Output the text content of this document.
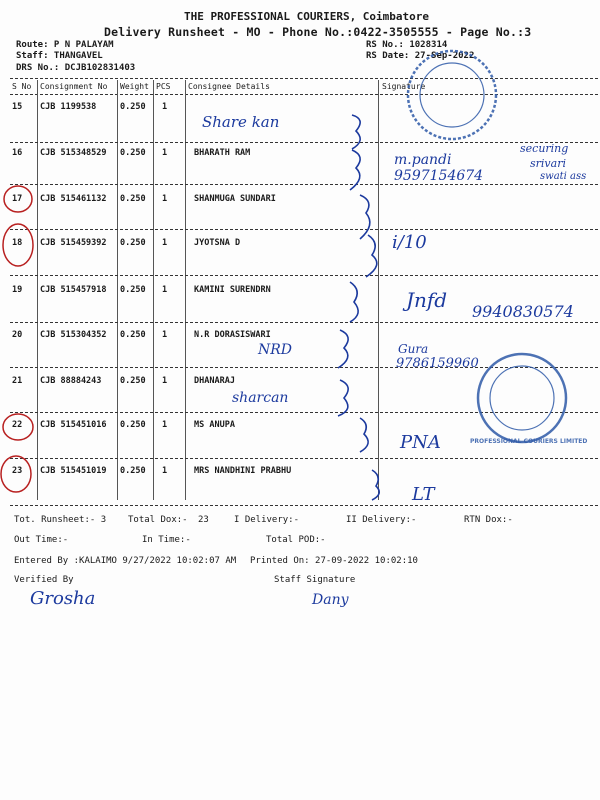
THE PROFESSIONAL COURIERS, Coimbatore
Delivery Runsheet - MO - Phone No.:0422-3505555 - Page No.:3
Route: P N PALAYAM
Staff: THANGAVEL
DRS No.: DCJB102831403
RS No.: 1028314
RS Date: 27-Sep-2022
S No Consignment No Weight PCS Consignee Details	Signature
15 CJB 1199538	0.250 1
16 CJB 515348529 0.250 1	BHARATH RAM
17 CJB 515461132 0.250 1	SHANMUGA SUNDARI
18 CJB 515459392 0.250 1	JYOTSNA D
19 CJB 515457918 0.250 1	KAMINI SURENDRN
20 CJB 515304352 0.250 1	N.R DORASISWARI
21 CJB 88884243 0.250 1	DHANARAJ
22 CJB 515451016 0.250 1	MS ANUPA
23 CJB 515451019 0.250 1	MRS NANDHINI PRABHU
Tot. Runsheet:- 3 Total Dox:- 23	I Delivery:-	II Delivery:-	RTN Dox:-
Out Time:-	In Time:-	Total POD:-
Entered By :KALAIMO 9/27/2022 10:02:07 AM Printed On: 27-09-2022 10:02:10
Verified By	Staff Signature
PROFESSIONAL COURIERS LIMITED
Share kan
m.pandi
9597154674
securing
srivari
swati ass
i/10
Jnfd 9940830574
NRD	Gura
9786159960
sharcan
PNA
LT
Grosha	Dany
